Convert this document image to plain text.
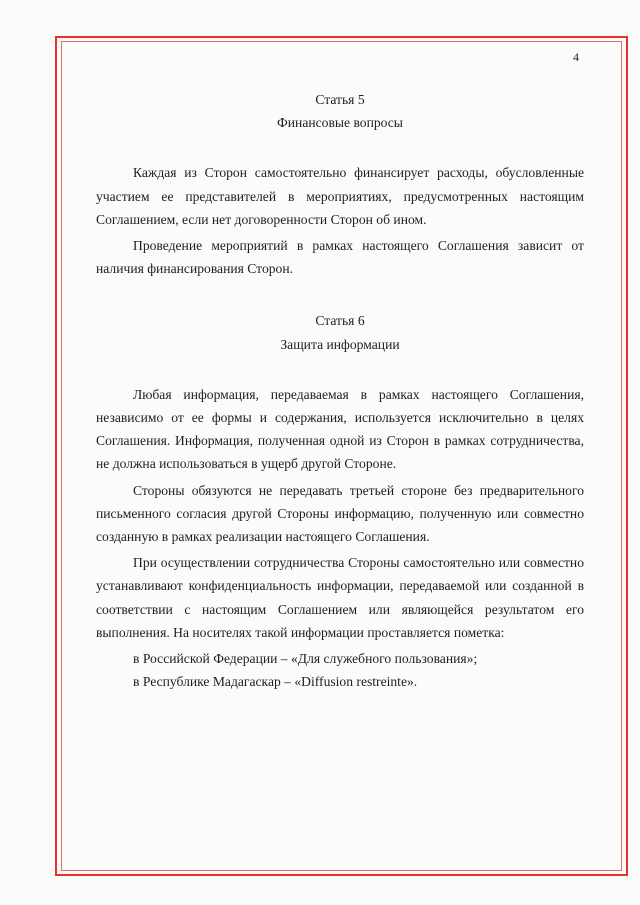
4

Статья 5

Финансовые вопросы

Каждая из Сторон самостоятельно финансирует расходы, обусловленные участием ее представителей в мероприятиях, предусмотренных настоящим Соглашением, если нет договоренности Сторон об ином.

Проведение мероприятий в рамках настоящего Соглашения зависит от наличия финансирования Сторон.

Статья 6

Защита информации

Любая информация, передаваемая в рамках настоящего Соглашения, независимо от ее формы и содержания, используется исключительно в целях Соглашения. Информация, полученная одной из Сторон в рамках сотрудничества, не должна использоваться в ущерб другой Стороне.

Стороны обязуются не передавать третьей стороне без предварительного письменного согласия другой Стороны информацию, полученную или совместно созданную в рамках реализации настоящего Соглашения.

При осуществлении сотрудничества Стороны самостоятельно или совместно устанавливают конфиденциальность информации, передаваемой или созданной в соответствии с настоящим Соглашением или являющейся результатом его выполнения. На носителях такой информации проставляется пометка:

в Российской Федерации – «Для служебного пользования»;

в Республике Мадагаскар – «Diffusion restreinte».
